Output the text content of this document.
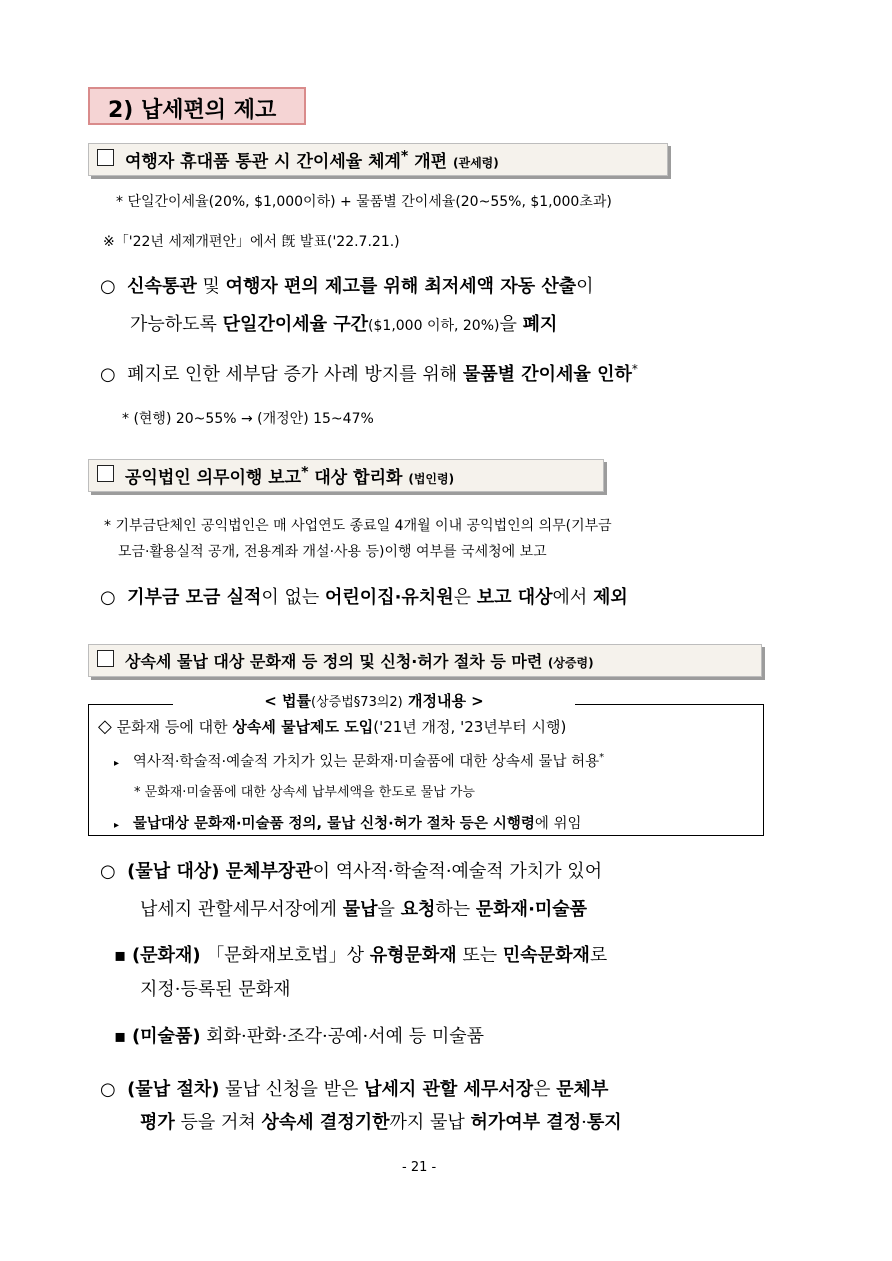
2) 납세편의 제고
여행자 휴대품 통관 시 간이세율 체계* 개편 (관세령)
* 단일간이세율(20%, $1,000이하) + 물품별 간이세율(20~55%, $1,000초과)
※「'22년 세제개편안」에서 旣 발표('22.7.21.)
○ 신속통관 및 여행자 편의 제고를 위해 최저세액 자동 산출이
가능하도록 단일간이세율 구간($1,000 이하, 20%)을 폐지
○ 폐지로 인한 세부담 증가 사례 방지를 위해 물품별 간이세율 인하*
* (현행) 20~55% → (개정안) 15~47%
공익법인 의무이행 보고* 대상 합리화 (법인령)
* 기부금단체인 공익법인은 매 사업연도 종료일 4개월 이내 공익법인의 의무(기부금
모금·활용실적 공개, 전용계좌 개설·사용 등)이행 여부를 국세청에 보고
○ 기부금 모금 실적이 없는 어린이집·유치원은 보고 대상에서 제외
상속세 물납 대상 문화재 등 정의 및 신청·허가 절차 등 마련 (상증령)
< 법률(상증법§73의2) 개정내용 >
◇ 문화재 등에 대한 상속세 물납제도 도입('21년 개정, '23년부터 시행)
▸ 역사적·학술적·예술적 가치가 있는 문화재·미술품에 대한 상속세 물납 허용*
* 문화재·미술품에 대한 상속세 납부세액을 한도로 물납 가능
▸ 물납대상 문화재·미술품 정의, 물납 신청·허가 절차 등은 시행령에 위임
○ (물납 대상) 문체부장관이 역사적·학술적·예술적 가치가 있어
납세지 관할세무서장에게 물납을 요청하는 문화재·미술품
▪ (문화재) 「문화재보호법」상 유형문화재 또는 민속문화재로
지정·등록된 문화재
▪ (미술품) 회화·판화·조각·공예·서예 등 미술품
○ (물납 절차) 물납 신청을 받은 납세지 관할 세무서장은 문체부
평가 등을 거쳐 상속세 결정기한까지 물납 허가여부 결정·통지
- 21 -
